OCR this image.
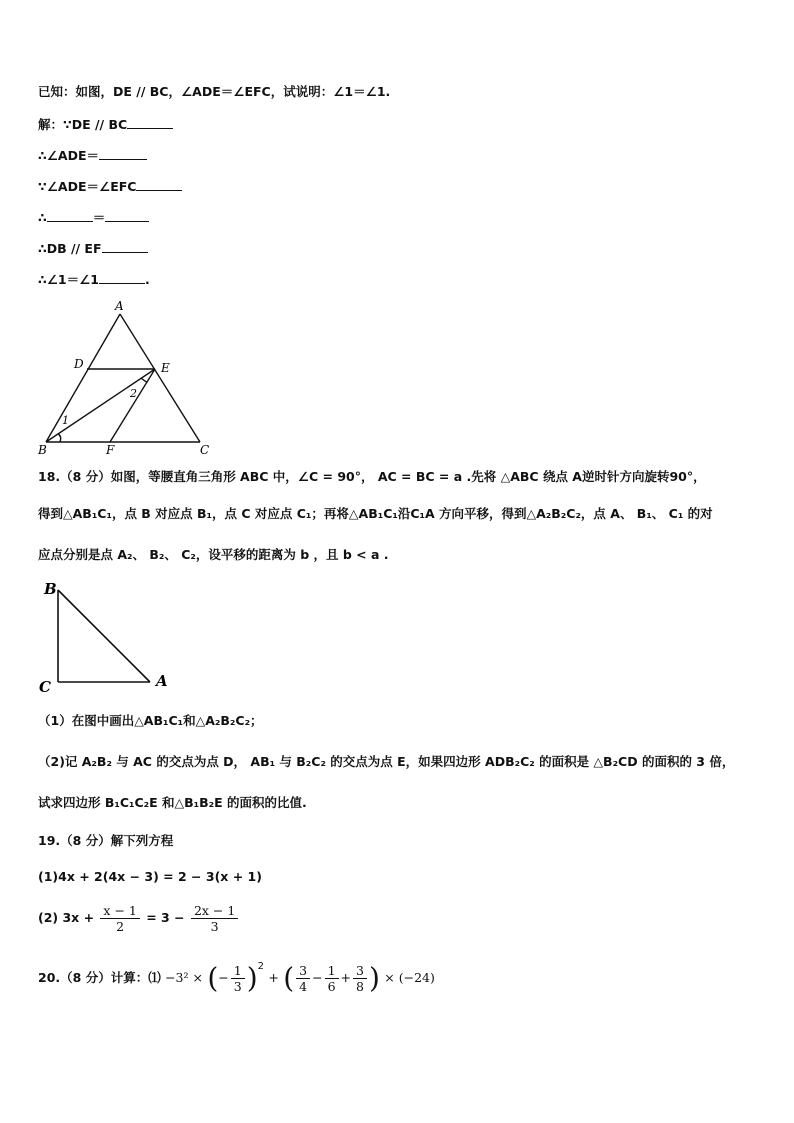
已知：如图，DE // BC，∠ADE＝∠EFC，试说明：∠1＝∠1.
解：∵DE // BC
∴∠ADE＝
∵∠ADE＝∠EFC
∴	＝
∴DB // EF
∴∠1＝∠1	.
A
D	E
B	F	C
1
2
18.（8 分）如图，等腰直角三角形 ABC 中，∠C = 90°， AC = BC = a .先将 △ABC 绕点 A逆时针方向旋转90°，
得到△AB₁C₁，点 B 对应点 B₁，点 C 对应点 C₁；再将△AB₁C₁沿C₁A 方向平移，得到△A₂B₂C₂，点 A、 B₁、 C₁ 的对
应点分别是点 A₂、 B₂、 C₂，设平移的距离为 b ，且 b < a .
B
C	A
（1）在图中画出△AB₁C₁和△A₂B₂C₂；
（2)记 A₂B₂ 与 AC 的交点为点 D， AB₁ 与 B₂C₂ 的交点为点 E，如果四边形 ADB₂C₂ 的面积是 △B₂CD 的面积的 3 倍，
试求四边形 B₁C₁C₂E 和△B₁B₂E 的面积的比值.
19.（8 分）解下列方程
(1)4x + 2(4x − 3) = 2 − 3(x + 1)
(2) $3x + \frac{x - 1}{2} = 3 - \frac{2x - 1}{3}$
20.（8 分）计算：⑴ −3² × (− $\frac{1}{3} )^2$ + ( $\frac{3}{4} - \frac{1}{6} + \frac{3}{8}$ ) × (−24)
